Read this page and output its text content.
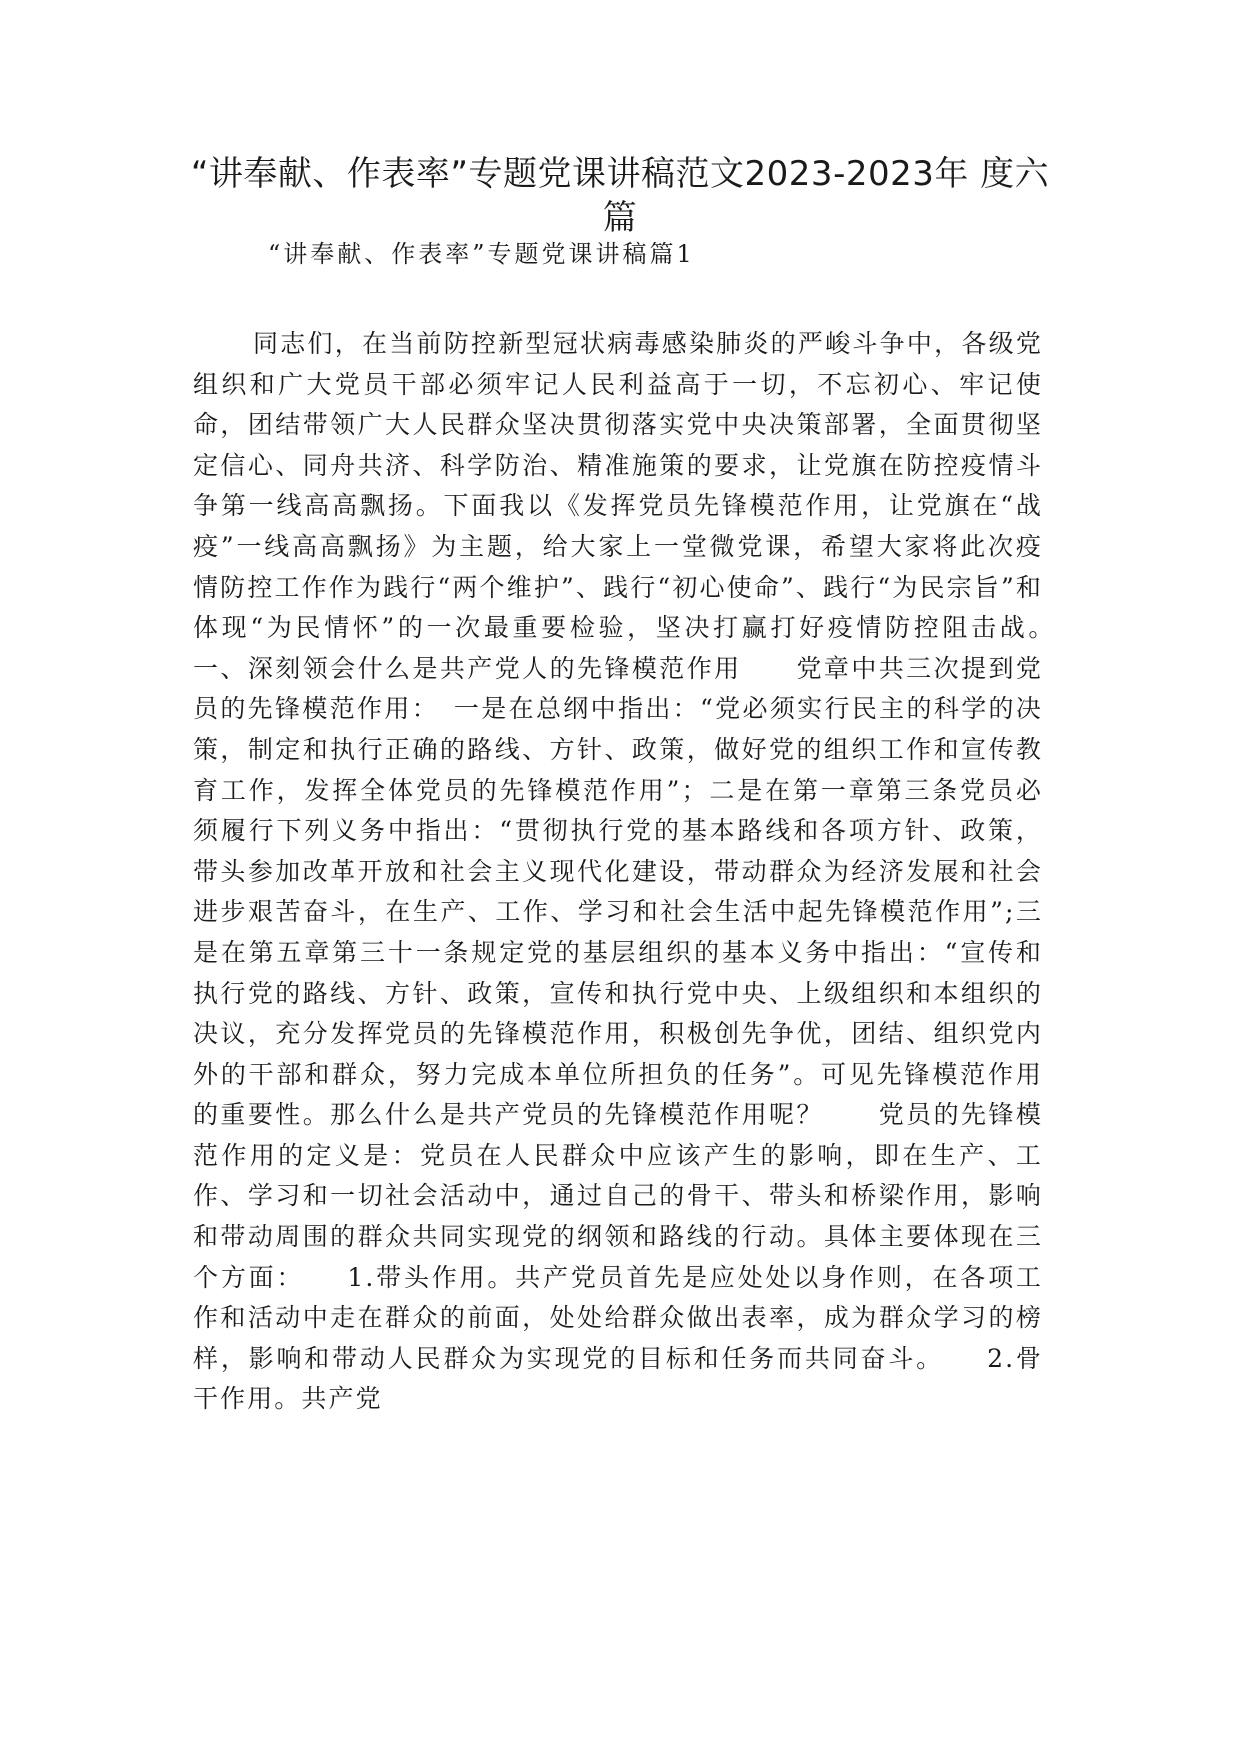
“讲奉献、作表率”专题党课讲稿范文2023-2023年 度六篇

“讲奉献、作表率”专题党课讲稿篇1

同志们，在当前防控新型冠状病毒感染肺炎的严峻斗争中，各级党组织和广大党员干部必须牢记人民利益高于一切，不忘初心、牢记使命，团结带领广大人民群众坚决贯彻落实党中央决策部署，全面贯彻坚定信心、同舟共济、科学防治、精准施策的要求，让党旗在防控疫情斗争第一线高高飘扬。下面我以《发挥党员先锋模范作用，让党旗在“战疫”一线高高飘扬》为主题，给大家上一堂微党课，希望大家将此次疫情防控工作作为践行“两个维护”、践行“初心使命”、践行“为民宗旨”和体现“为民情怀”的一次最重要检验，坚决打赢打好疫情防控阻击战。　　一、深刻领会什么是共产党人的先锋模范作用　　党章中共三次提到党员的先锋模范作用：　一是在总纲中指出：“党必须实行民主的科学的决策，制定和执行正确的路线、方针、政策，做好党的组织工作和宣传教育工作，发挥全体党员的先锋模范作用”；二是在第一章第三条党员必须履行下列义务中指出：“贯彻执行党的基本路线和各项方针、政策，带头参加改革开放和社会主义现代化建设，带动群众为经济发展和社会进步艰苦奋斗，在生产、工作、学习和社会生活中起先锋模范作用”;三是在第五章第三十一条规定党的基层组织的基本义务中指出：“宣传和执行党的路线、方针、政策，宣传和执行党中央、上级组织和本组织的决议，充分发挥党员的先锋模范作用，积极创先争优，团结、组织党内外的干部和群众，努力完成本单位所担负的任务”。可见先锋模范作用的重要性。那么什么是共产党员的先锋模范作用呢？　　党员的先锋模范作用的定义是：党员在人民群众中应该产生的影响，即在生产、工作、学习和一切社会活动中，通过自己的骨干、带头和桥梁作用，影响和带动周围的群众共同实现党的纲领和路线的行动。具体主要体现在三个方面：　　1.带头作用。共产党员首先是应处处以身作则，在各项工作和活动中走在群众的前面，处处给群众做出表率，成为群众学习的榜样，影响和带动人民群众为实现党的目标和任务而共同奋斗。　　2.骨干作用。共产党
